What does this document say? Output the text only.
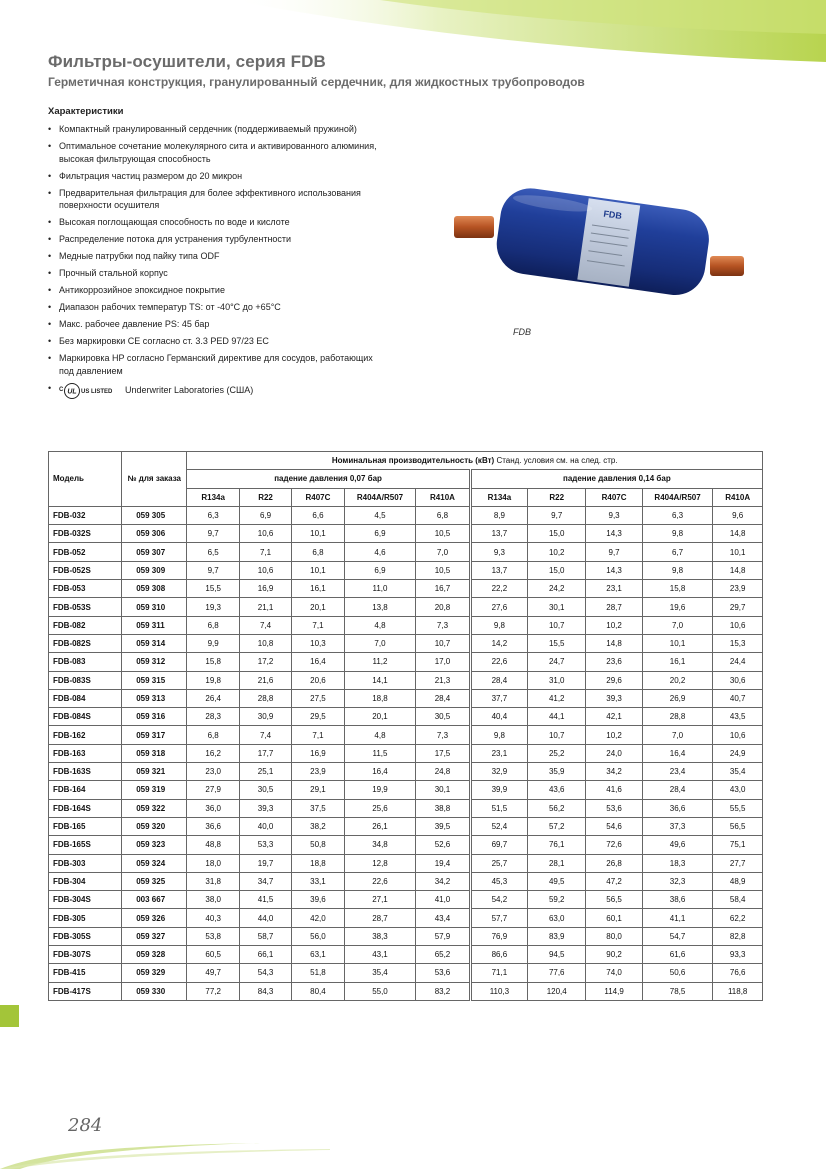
Фильтры-осушители, серия FDB
Герметичная конструкция, гранулированный сердечник, для жидкостных трубопроводов
Характеристики
• Компактный гранулированный сердечник (поддерживаемый пружиной)
• Оптимальное сочетание молекулярного сита и активированного алюминия, высокая фильтрующая способность
• Фильтрация частиц размером до 20 микрон
• Предварительная фильтрация для более эффективного использования поверхности осушителя
• Высокая поглощающая способность по воде и кислоте
• Распределение потока для устранения турбулентности
• Медные патрубки под пайку типа ODF
• Прочный стальной корпус
• Антикоррозийное эпоксидное покрытие
• Диапазон рабочих температур TS: от -40°C до +65°C
• Макс. рабочее давление PS: 45 бар
• Без маркировки CE согласно ст. 3.3 PED 97/23 EC
• Маркировка HP согласно Германский директиве для сосудов, работающих под давлением
• C UL US LISTED Underwriter Laboratories (США)
FDB
FDB
Модель	№ для заказа	Номинальная производительность (кВт) Станд. условия см. на след. стр.									
		падение давления 0,07 бар					падение давления 0,14 бар				
		R134a	R22	R407C	R404A/R507	R410A	R134a	R22	R407C	R404A/R507	R410A
FDB-032	059 305	6,3	6,9	6,6	4,5	6,8	8,9	9,7	9,3	6,3	9,6
FDB-032S	059 306	9,7	10,6	10,1	6,9	10,5	13,7	15,0	14,3	9,8	14,8
FDB-052	059 307	6,5	7,1	6,8	4,6	7,0	9,3	10,2	9,7	6,7	10,1
FDB-052S	059 309	9,7	10,6	10,1	6,9	10,5	13,7	15,0	14,3	9,8	14,8
FDB-053	059 308	15,5	16,9	16,1	11,0	16,7	22,2	24,2	23,1	15,8	23,9
FDB-053S	059 310	19,3	21,1	20,1	13,8	20,8	27,6	30,1	28,7	19,6	29,7
FDB-082	059 311	6,8	7,4	7,1	4,8	7,3	9,8	10,7	10,2	7,0	10,6
FDB-082S	059 314	9,9	10,8	10,3	7,0	10,7	14,2	15,5	14,8	10,1	15,3
FDB-083	059 312	15,8	17,2	16,4	11,2	17,0	22,6	24,7	23,6	16,1	24,4
FDB-083S	059 315	19,8	21,6	20,6	14,1	21,3	28,4	31,0	29,6	20,2	30,6
FDB-084	059 313	26,4	28,8	27,5	18,8	28,4	37,7	41,2	39,3	26,9	40,7
FDB-084S	059 316	28,3	30,9	29,5	20,1	30,5	40,4	44,1	42,1	28,8	43,5
FDB-162	059 317	6,8	7,4	7,1	4,8	7,3	9,8	10,7	10,2	7,0	10,6
FDB-163	059 318	16,2	17,7	16,9	11,5	17,5	23,1	25,2	24,0	16,4	24,9
FDB-163S	059 321	23,0	25,1	23,9	16,4	24,8	32,9	35,9	34,2	23,4	35,4
FDB-164	059 319	27,9	30,5	29,1	19,9	30,1	39,9	43,6	41,6	28,4	43,0
FDB-164S	059 322	36,0	39,3	37,5	25,6	38,8	51,5	56,2	53,6	36,6	55,5
FDB-165	059 320	36,6	40,0	38,2	26,1	39,5	52,4	57,2	54,6	37,3	56,5
FDB-165S	059 323	48,8	53,3	50,8	34,8	52,6	69,7	76,1	72,6	49,6	75,1
FDB-303	059 324	18,0	19,7	18,8	12,8	19,4	25,7	28,1	26,8	18,3	27,7
FDB-304	059 325	31,8	34,7	33,1	22,6	34,2	45,3	49,5	47,2	32,3	48,9
FDB-304S	003 667	38,0	41,5	39,6	27,1	41,0	54,2	59,2	56,5	38,6	58,4
FDB-305	059 326	40,3	44,0	42,0	28,7	43,4	57,7	63,0	60,1	41,1	62,2
FDB-305S	059 327	53,8	58,7	56,0	38,3	57,9	76,9	83,9	80,0	54,7	82,8
FDB-307S	059 328	60,5	66,1	63,1	43,1	65,2	86,6	94,5	90,2	61,6	93,3
FDB-415	059 329	49,7	54,3	51,8	35,4	53,6	71,1	77,6	74,0	50,6	76,6
FDB-417S	059 330	77,2	84,3	80,4	55,0	83,2	110,3	120,4	114,9	78,5	118,8
284
